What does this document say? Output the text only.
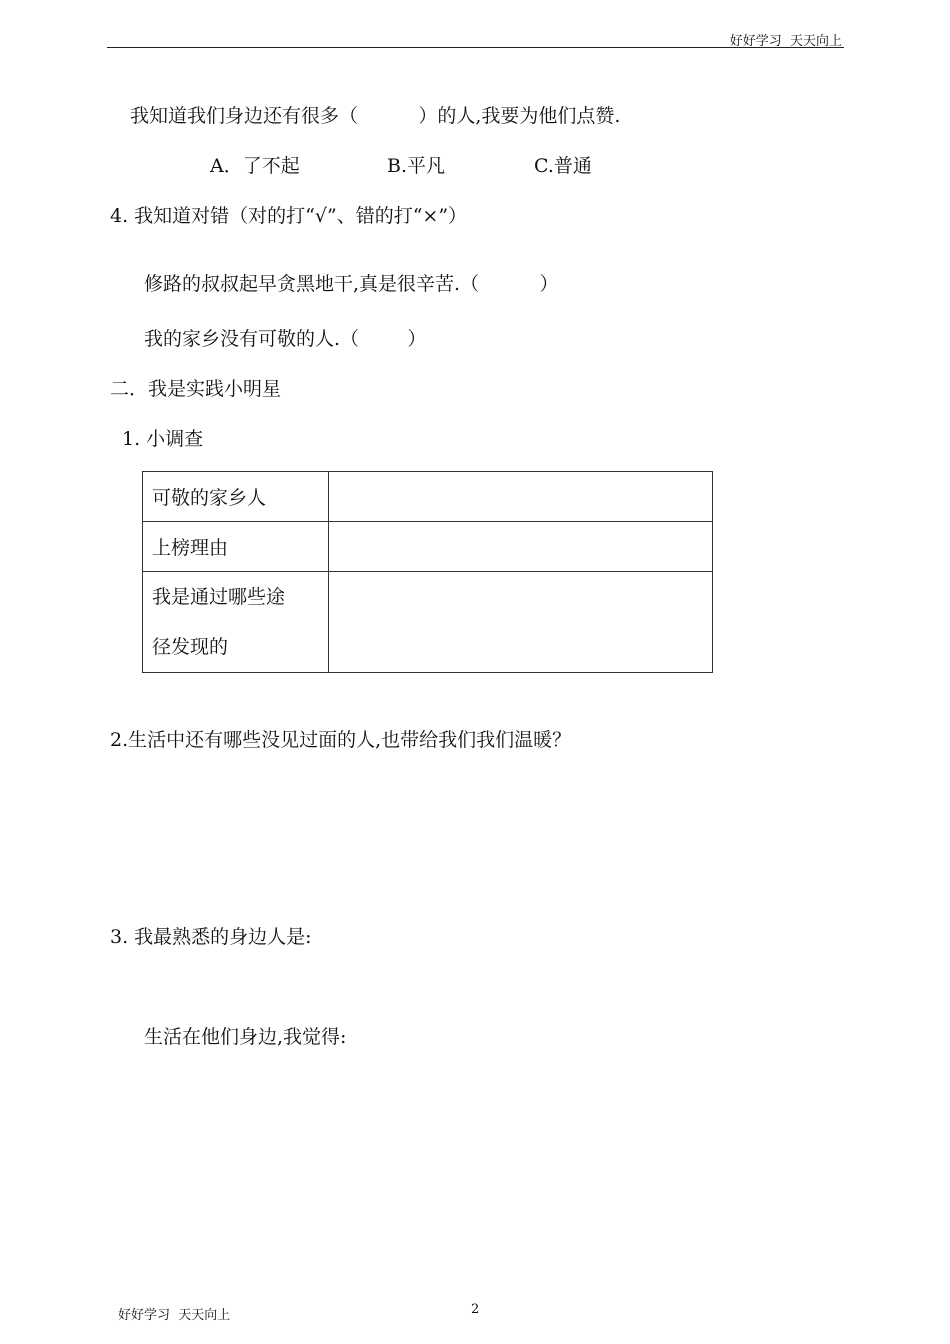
好好学习  天天向上
我知道我们身边还有很多（          ）的人,我要为他们点赞.
A．了不起	B.平凡	C.普通
4. 我知道对错（对的打“√”、错的打“×”）
修路的叔叔起早贪黑地干,真是很辛苦.（          ）
我的家乡没有可敬的人.（        ）
二．我是实践小明星
1. 小调查
可敬的家乡人	
上榜理由	
我是通过哪些途
径发现的	
2.生活中还有哪些没见过面的人,也带给我们我们温暖？
3. 我最熟悉的身边人是:
生活在他们身边,我觉得:
好好学习  天天向上	2
